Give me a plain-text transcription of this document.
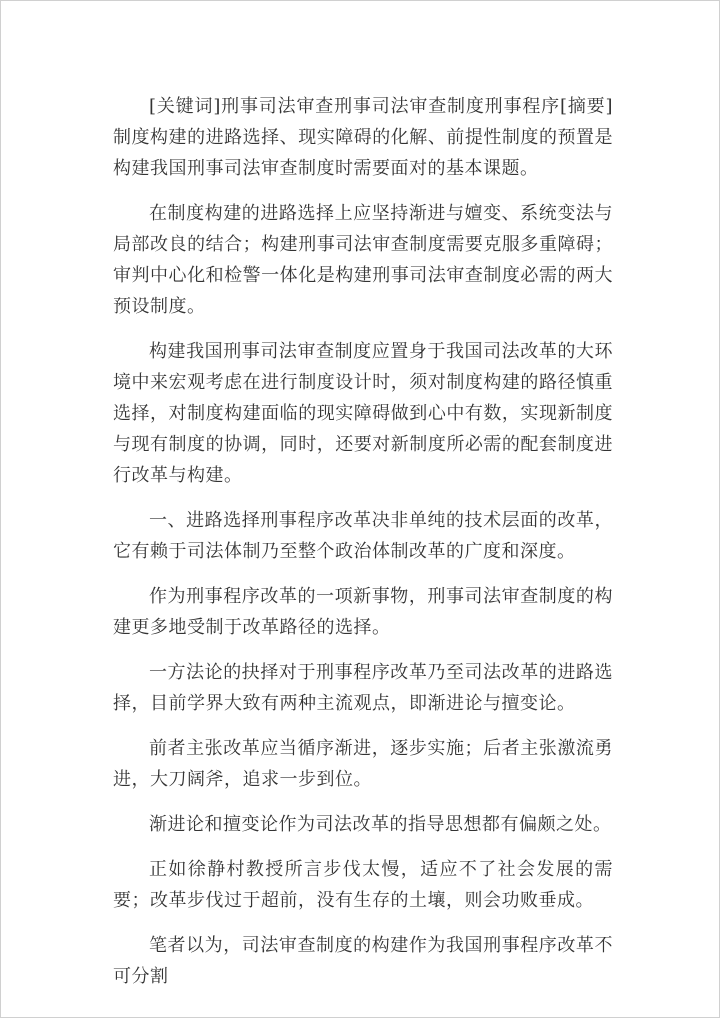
[关键词]刑事司法审查刑事司法审查制度刑事程序[摘要]制度构建的进路选择、现实障碍的化解、前提性制度的预置是构建我国刑事司法审查制度时需要面对的基本课题。

在制度构建的进路选择上应坚持渐进与嬗变、系统变法与局部改良的结合；构建刑事司法审查制度需要克服多重障碍；审判中心化和检警一体化是构建刑事司法审查制度必需的两大预设制度。

构建我国刑事司法审查制度应置身于我国司法改革的大环境中来宏观考虑在进行制度设计时，须对制度构建的路径慎重选择，对制度构建面临的现实障碍做到心中有数，实现新制度与现有制度的协调，同时，还要对新制度所必需的配套制度进行改革与构建。

一、进路选择刑事程序改革决非单纯的技术层面的改革，它有赖于司法体制乃至整个政治体制改革的广度和深度。

作为刑事程序改革的一项新事物，刑事司法审查制度的构建更多地受制于改革路径的选择。

一方法论的抉择对于刑事程序改革乃至司法改革的进路选择，目前学界大致有两种主流观点，即渐进论与擅变论。

前者主张改革应当循序渐进，逐步实施；后者主张激流勇进，大刀阔斧，追求一步到位。

渐进论和擅变论作为司法改革的指导思想都有偏颇之处。

正如徐静村教授所言步伐太慢，适应不了社会发展的需要；改革步伐过于超前，没有生存的土壤，则会功败垂成。

笔者以为，司法审查制度的构建作为我国刑事程序改革不可分割
